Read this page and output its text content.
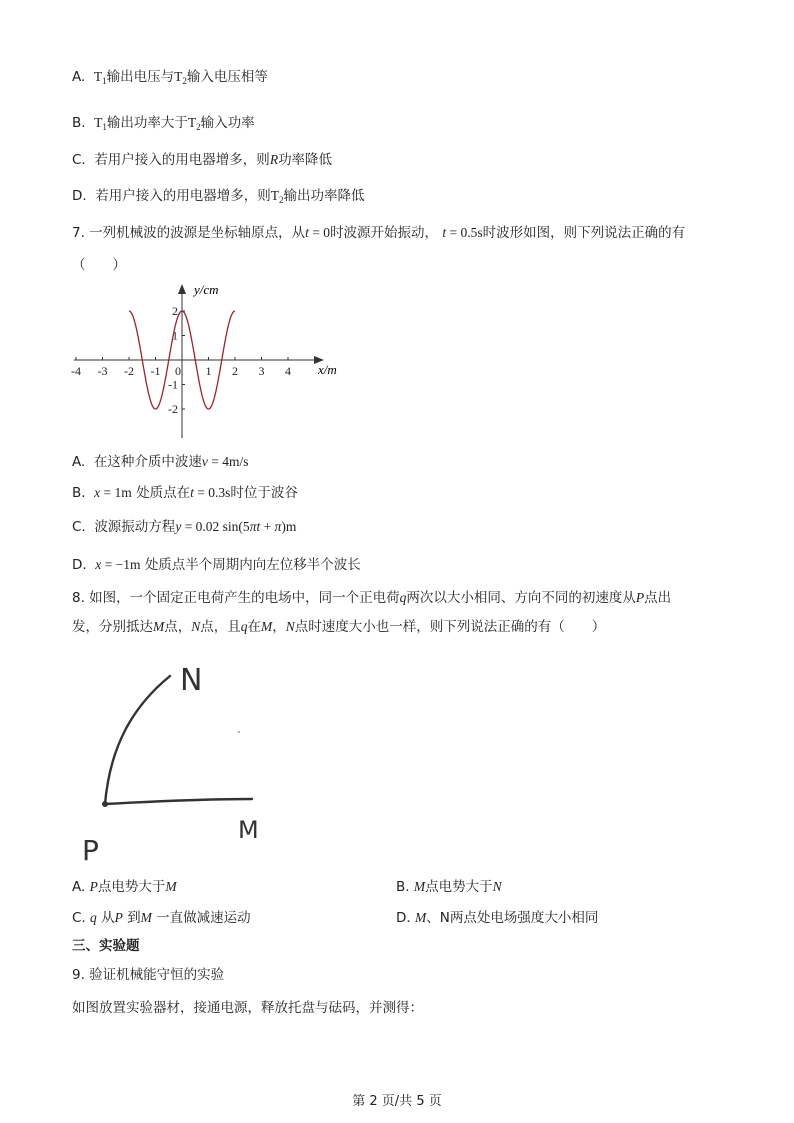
A. $T_1$输出电压与$T_2$输入电压相等
B. $T_1$输出功率大于$T_2$输入功率
C. 若用户接入的用电器增多，则R功率降低
D. 若用户接入的用电器增多，则$T_2$输出功率降低
7. 一列机械波的波源是坐标轴原点，从t = 0时波源开始振动， t = 0.5s时波形如图，则下列说法正确的有
（　　）
-4 -3 -2 -1 0 1 2 3 4
2
1
-1
-2
y/cm
x/m
A. 在这种介质中波速v = 4m/s
B. x = 1m 处质点在t = 0.3s时位于波谷
C. 波源振动方程y = 0.02 sin(5πt + π)m
D. x = −1m 处质点半个周期内向左位移半个波长
8. 如图，一个固定正电荷产生的电场中，同一个正电荷q两次以大小相同、方向不同的初速度从P点出
发，分别抵达M点，N点，且q在M，N点时速度大小也一样，则下列说法正确的有（　　）
N
M
P
A. P点电势大于M	B. M点电势大于N
C. q 从P 到M 一直做减速运动	D. M、N两点处电场强度大小相同
三、实验题
9. 验证机械能守恒的实验
如图放置实验器材，接通电源，释放托盘与砝码，并测得：
第 2 页/共 5 页
